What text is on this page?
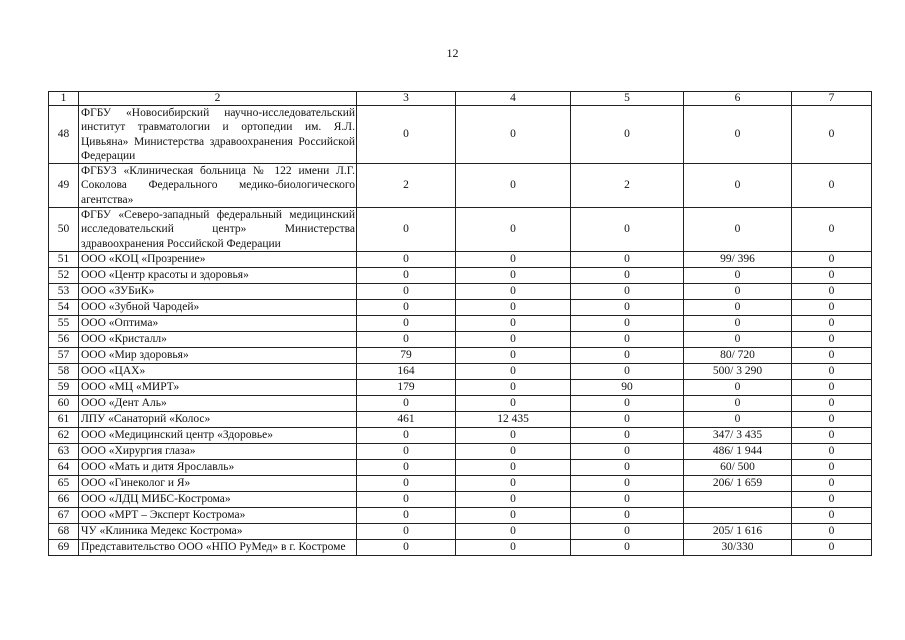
12
1	2	3	4	5	6	7
48	ФГБУ «Новосибирский научно-исследовательский институт травматологии и ортопедии им. Я.Л. Цивьяна» Министерства здравоохранения Российской Федерации	0	0	0	0	0
49	ФГБУЗ «Клиническая больница № 122 имени Л.Г. Соколова Федерального медико-биологического агентства»	2	0	2	0	0
50	ФГБУ «Северо-западный федеральный медицинский исследовательский центр» Министерства здравоохранения Российской Федерации	0	0	0	0	0
51	ООО «КОЦ «Прозрение»	0	0	0	99/ 396	0
52	ООО «Центр красоты и здоровья»	0	0	0	0	0
53	ООО «ЗУБиК»	0	0	0	0	0
54	ООО «Зубной Чародей»	0	0	0	0	0
55	ООО «Оптима»	0	0	0	0	0
56	ООО «Кристалл»	0	0	0	0	0
57	ООО «Мир здоровья»	79	0	0	80/ 720	0
58	ООО «ЦАХ»	164	0	0	500/ 3 290	0
59	ООО «МЦ «МИРТ»	179	0	90	0	0
60	ООО «Дент Аль»	0	0	0	0	0
61	ЛПУ «Санаторий «Колос»	461	12 435	0	0	0
62	ООО «Медицинский центр «Здоровье»	0	0	0	347/ 3 435	0
63	ООО «Хирургия глаза»	0	0	0	486/ 1 944	0
64	ООО «Мать и дитя Ярославль»	0	0	0	60/ 500	0
65	ООО «Гинеколог и Я»	0	0	0	206/ 1 659	0
66	ООО «ЛДЦ МИБС-Кострома»	0	0	0		0
67	ООО «МРТ – Эксперт Кострома»	0	0	0		0
68	ЧУ «Клиника Медекс Кострома»	0	0	0	205/ 1 616	0
69	Представительство ООО «НПО РуМед» в г. Костроме	0	0	0	30/330	0
